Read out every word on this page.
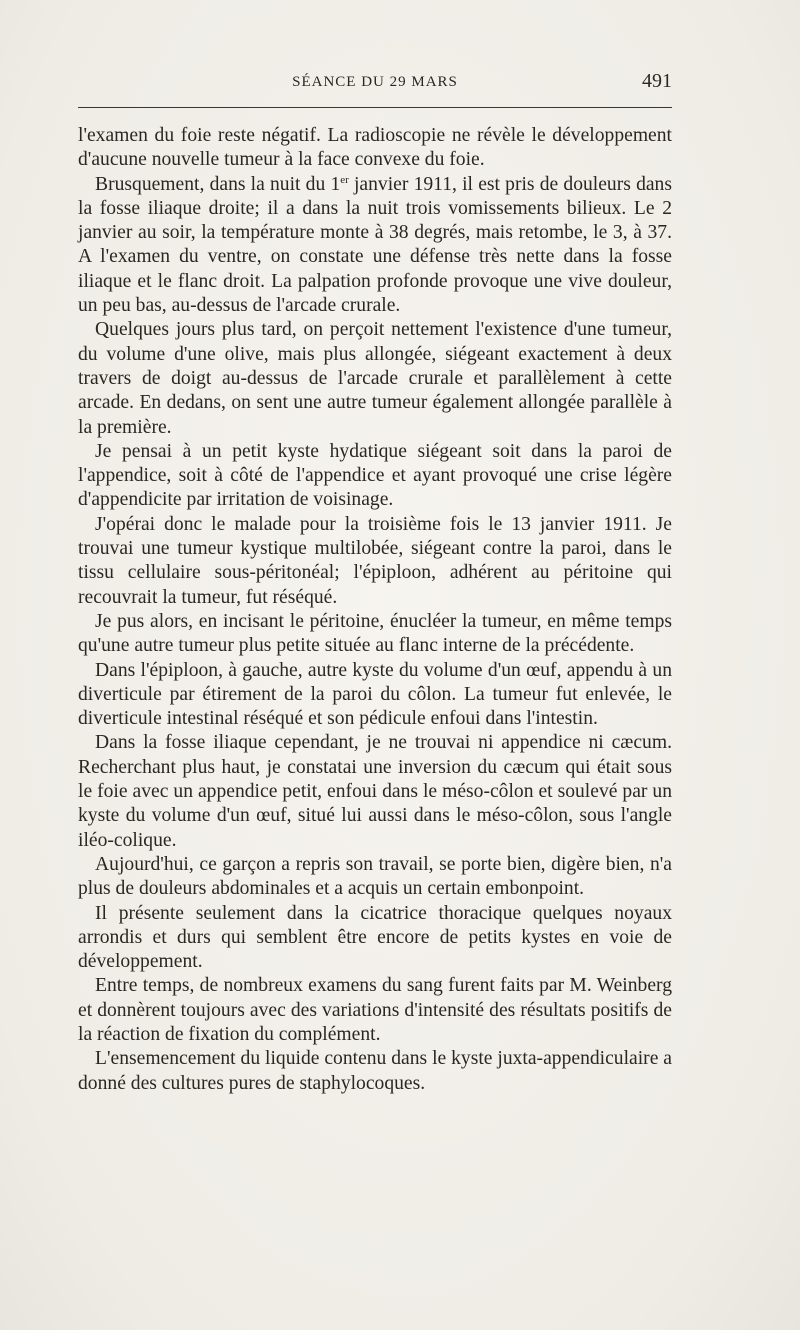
SÉANCE DU 29 MARS	491

l'examen du foie reste négatif. La radioscopie ne révèle le développement d'aucune nouvelle tumeur à la face convexe du foie.

Brusquement, dans la nuit du 1er janvier 1911, il est pris de douleurs dans la fosse iliaque droite; il a dans la nuit trois vomissements bilieux. Le 2 janvier au soir, la température monte à 38 degrés, mais retombe, le 3, à 37. A l'examen du ventre, on constate une défense très nette dans la fosse iliaque et le flanc droit. La palpation profonde provoque une vive douleur, un peu bas, au-dessus de l'arcade crurale.

Quelques jours plus tard, on perçoit nettement l'existence d'une tumeur, du volume d'une olive, mais plus allongée, siégeant exactement à deux travers de doigt au-dessus de l'arcade crurale et parallèlement à cette arcade. En dedans, on sent une autre tumeur également allongée parallèle à la première.

Je pensai à un petit kyste hydatique siégeant soit dans la paroi de l'appendice, soit à côté de l'appendice et ayant provoqué une crise légère d'appendicite par irritation de voisinage.

J'opérai donc le malade pour la troisième fois le 13 janvier 1911. Je trouvai une tumeur kystique multilobée, siégeant contre la paroi, dans le tissu cellulaire sous-péritonéal; l'épiploon, adhérent au péritoine qui recouvrait la tumeur, fut réséqué.

Je pus alors, en incisant le péritoine, énucléer la tumeur, en même temps qu'une autre tumeur plus petite située au flanc interne de la précédente.

Dans l'épiploon, à gauche, autre kyste du volume d'un œuf, appendu à un diverticule par étirement de la paroi du côlon. La tumeur fut enlevée, le diverticule intestinal réséqué et son pédicule enfoui dans l'intestin.

Dans la fosse iliaque cependant, je ne trouvai ni appendice ni cæcum. Recherchant plus haut, je constatai une inversion du cæcum qui était sous le foie avec un appendice petit, enfoui dans le méso-côlon et soulevé par un kyste du volume d'un œuf, situé lui aussi dans le méso-côlon, sous l'angle iléo-colique.

Aujourd'hui, ce garçon a repris son travail, se porte bien, digère bien, n'a plus de douleurs abdominales et a acquis un certain embonpoint.

Il présente seulement dans la cicatrice thoracique quelques noyaux arrondis et durs qui semblent être encore de petits kystes en voie de développement.

Entre temps, de nombreux examens du sang furent faits par M. Weinberg et donnèrent toujours avec des variations d'intensité des résultats positifs de la réaction de fixation du complément.

L'ensemencement du liquide contenu dans le kyste juxta-appendiculaire a donné des cultures pures de staphylocoques.
